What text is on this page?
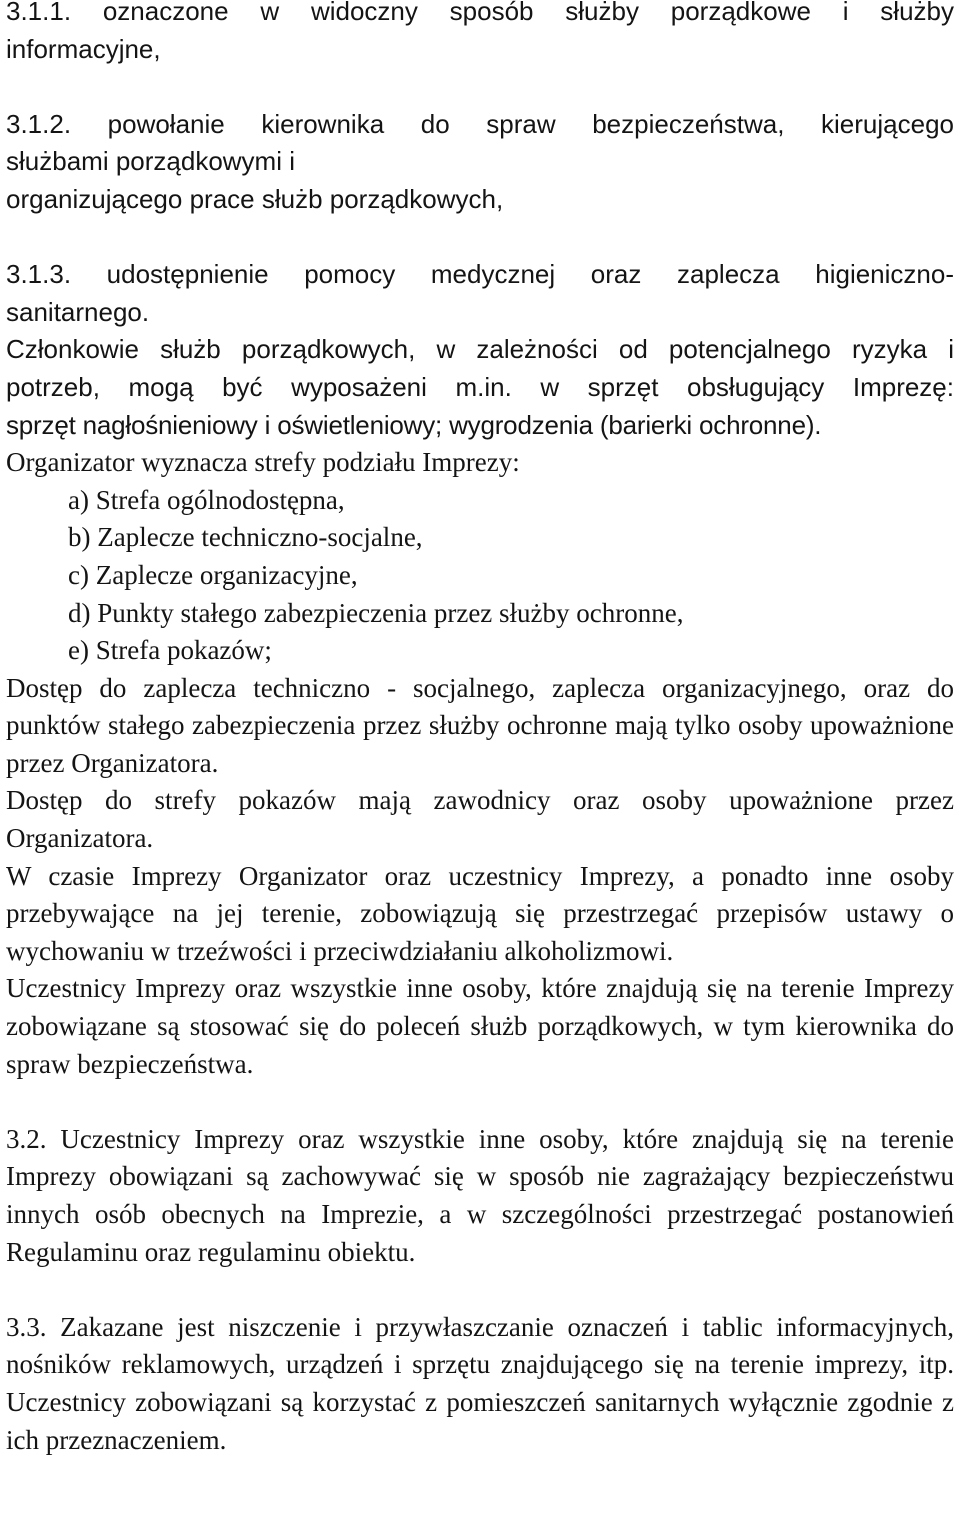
3.1.1. oznaczone w widoczny sposób służby porządkowe i służby

informacyjne,

3.1.2. powołanie kierownika do spraw bezpieczeństwa, kierującego

służbami porządkowymi i

organizującego prace służb porządkowych,

3.1.3. udostępnienie pomocy medycznej oraz zaplecza higieniczno-

sanitarnego.

Członkowie służb porządkowych, w zależności od potencjalnego ryzyka i

potrzeb, mogą być wyposażeni m.in. w sprzęt obsługujący Imprezę:

sprzęt nagłośnieniowy i oświetleniowy; wygrodzenia (barierki ochronne).

Organizator wyznacza strefy podziału Imprezy:

a) Strefa ogólnodostępna,
b) Zaplecze techniczno-socjalne,
c) Zaplecze organizacyjne,
d) Punkty stałego zabezpieczenia przez służby ochronne,
e) Strefa pokazów;

Dostęp do zaplecza techniczno - socjalnego, zaplecza organizacyjnego, oraz do punktów stałego zabezpieczenia przez służby ochronne mają tylko osoby upoważnione przez Organizatora.

Dostęp do strefy pokazów mają zawodnicy oraz osoby upoważnione przez Organizatora.

W czasie Imprezy Organizator oraz uczestnicy Imprezy, a ponadto inne osoby przebywające na jej terenie, zobowiązują się przestrzegać przepisów ustawy o wychowaniu w trzeźwości i przeciwdziałaniu alkoholizmowi.

Uczestnicy Imprezy oraz wszystkie inne osoby, które znajdują się na terenie Imprezy zobowiązane są stosować się do poleceń służb porządkowych, w tym kierownika do spraw bezpieczeństwa.

3.2. Uczestnicy Imprezy oraz wszystkie inne osoby, które znajdują się na terenie Imprezy obowiązani są zachowywać się w sposób nie zagrażający bezpieczeństwu innych osób obecnych na Imprezie, a w szczególności przestrzegać postanowień Regulaminu oraz regulaminu obiektu.

3.3. Zakazane jest niszczenie i przywłaszczanie oznaczeń i tablic informacyjnych, nośników reklamowych, urządzeń i sprzętu znajdującego się na terenie imprezy, itp. Uczestnicy zobowiązani są korzystać z pomieszczeń sanitarnych wyłącznie zgodnie z ich przeznaczeniem.
